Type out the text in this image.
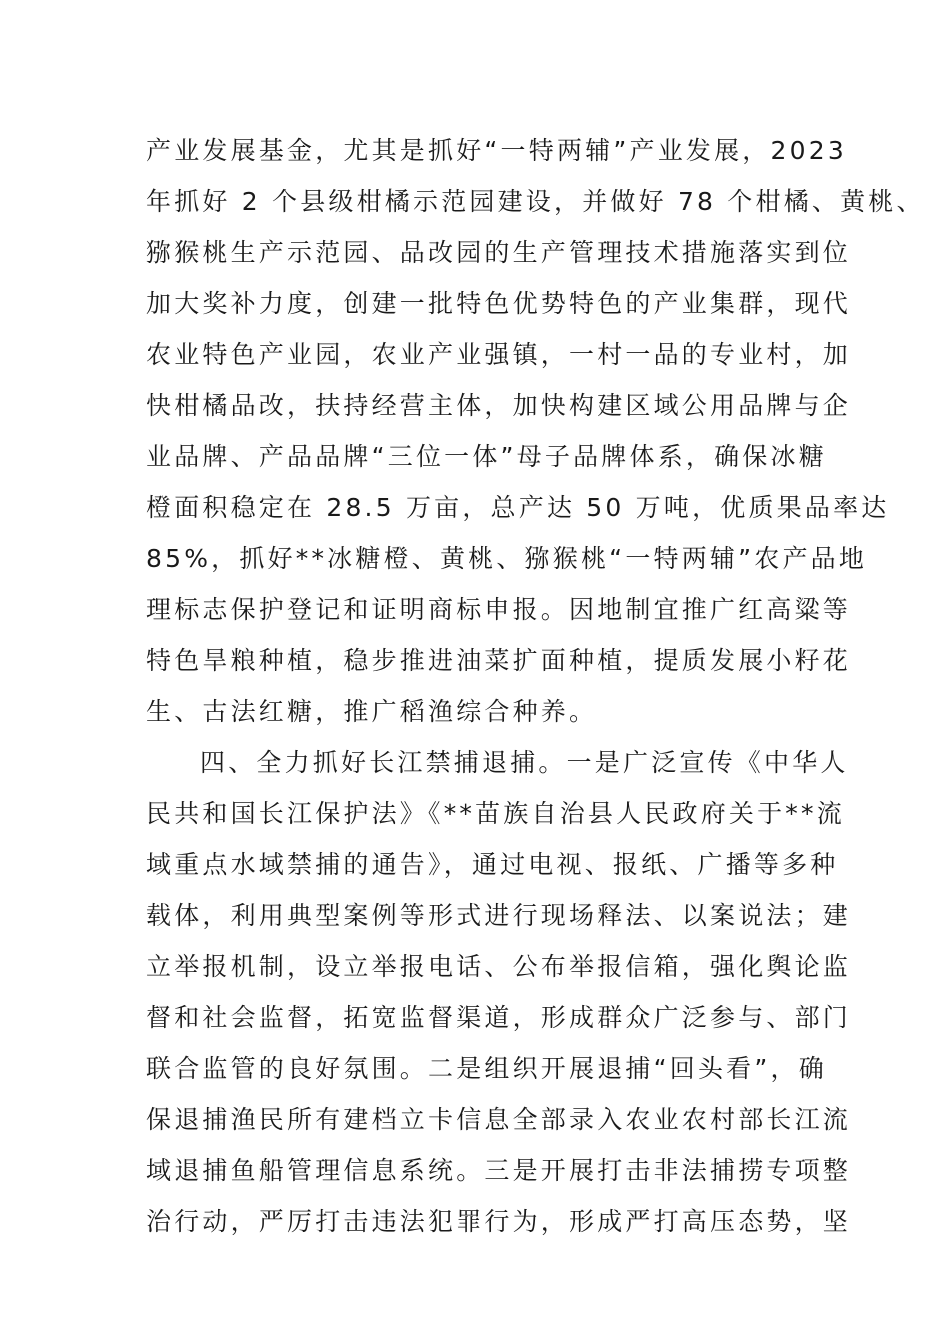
产业发展基金，尤其是抓好“一特两辅”产业发展，2023
年抓好 2 个县级柑橘示范园建设，并做好 78 个柑橘、黄桃、
猕猴桃生产示范园、品改园的生产管理技术措施落实到位
加大奖补力度，创建一批特色优势特色的产业集群，现代
农业特色产业园，农业产业强镇，一村一品的专业村，加
快柑橘品改，扶持经营主体，加快构建区域公用品牌与企
业品牌、产品品牌“三位一体”母子品牌体系，确保冰糖
橙面积稳定在 28.5 万亩，总产达 50 万吨，优质果品率达
85%，抓好**冰糖橙、黄桃、猕猴桃“一特两辅”农产品地
理标志保护登记和证明商标申报。因地制宜推广红高粱等
特色旱粮种植，稳步推进油菜扩面种植，提质发展小籽花
生、古法红糖，推广稻渔综合种养。
四、全力抓好长江禁捕退捕。一是广泛宣传《中华人
民共和国长江保护法》《**苗族自治县人民政府关于**流
域重点水域禁捕的通告》，通过电视、报纸、广播等多种
载体，利用典型案例等形式进行现场释法、以案说法；建
立举报机制，设立举报电话、公布举报信箱，强化舆论监
督和社会监督，拓宽监督渠道，形成群众广泛参与、部门
联合监管的良好氛围。二是组织开展退捕“回头看”，确
保退捕渔民所有建档立卡信息全部录入农业农村部长江流
域退捕鱼船管理信息系统。三是开展打击非法捕捞专项整
治行动，严厉打击违法犯罪行为，形成严打高压态势，坚
